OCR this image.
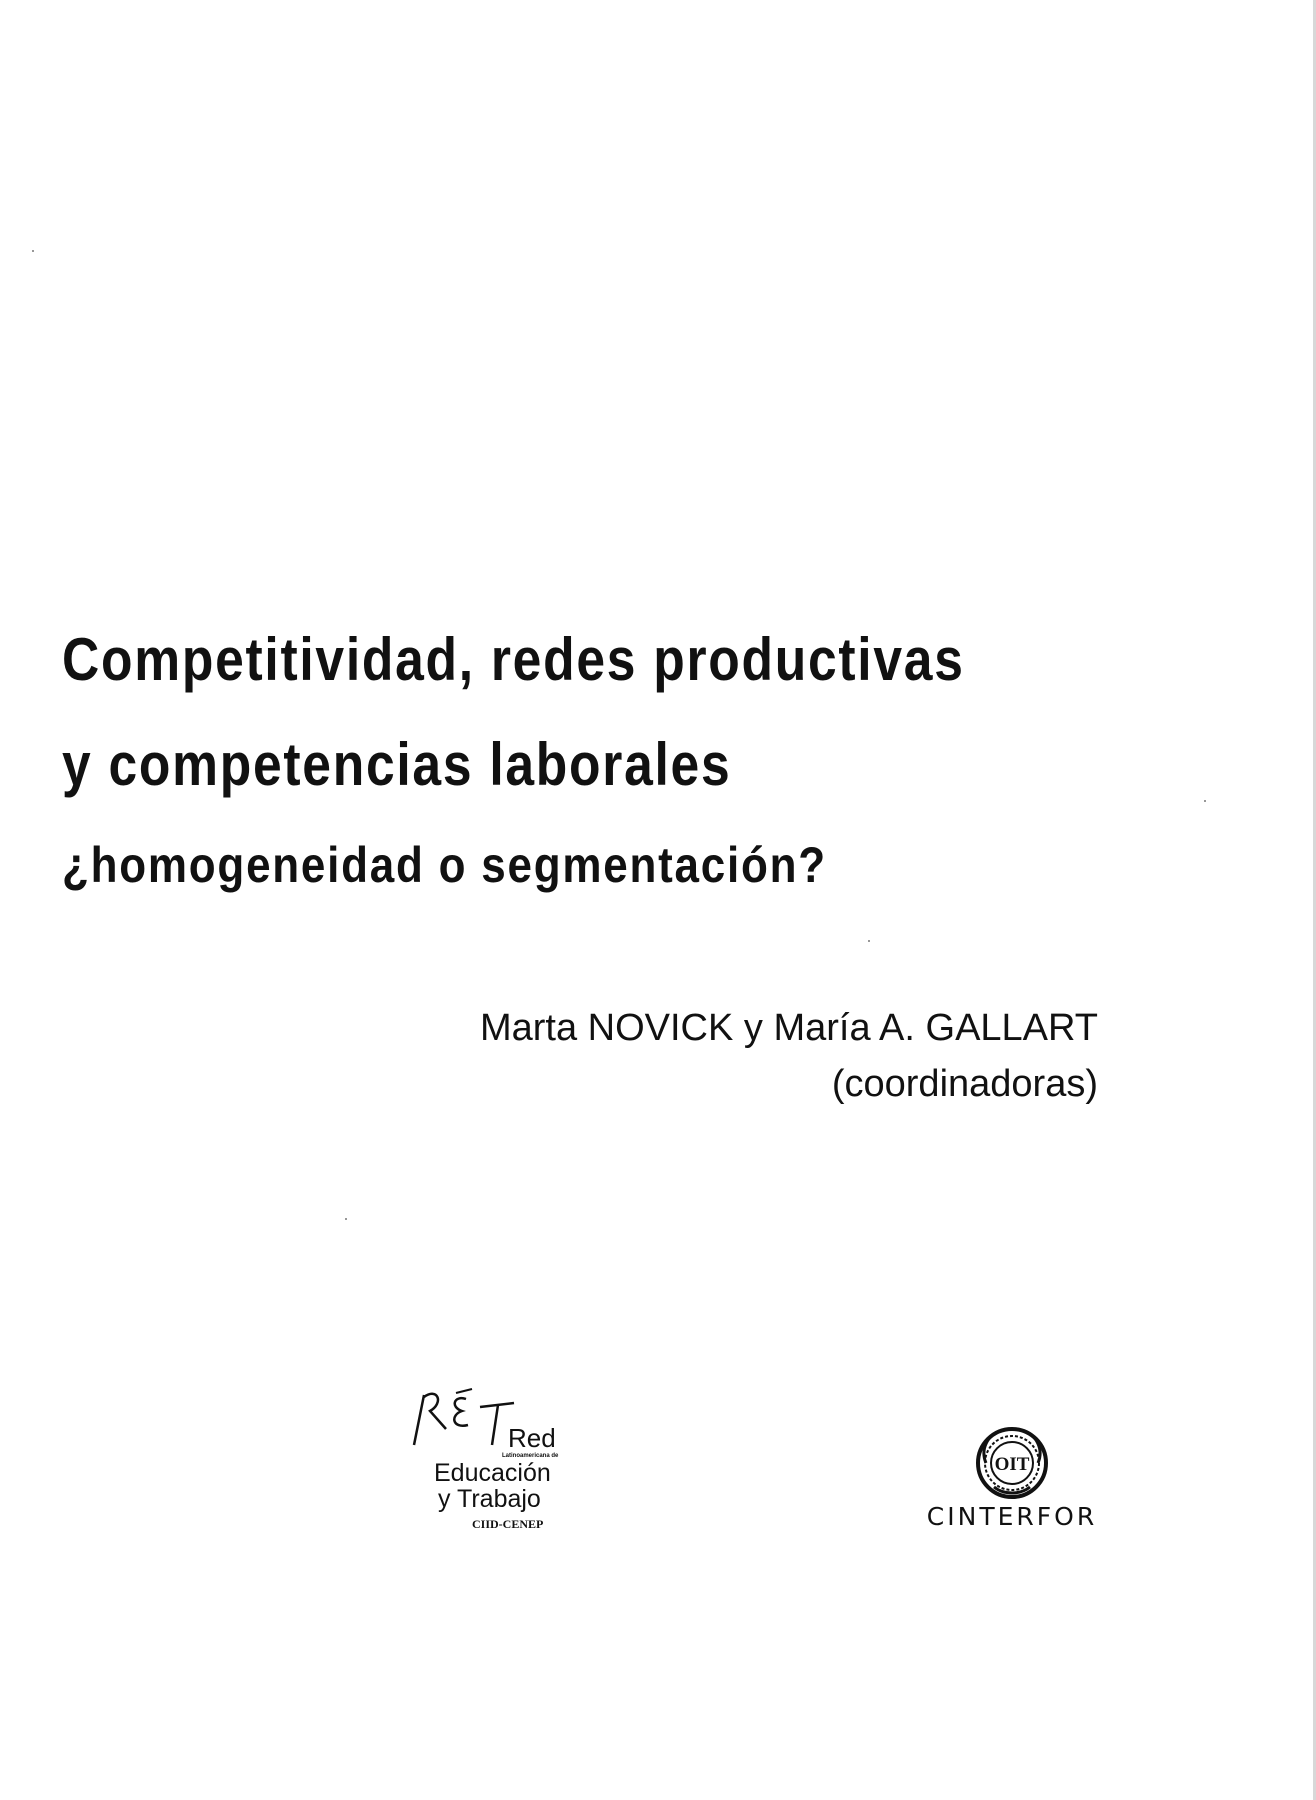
Competitividad, redes productivas
y competencias laborales
¿homogeneidad o segmentación?
Marta NOVICK y María A. GALLART
(coordinadoras)
Red
Latinoamericana de
Educación
y Trabajo
CIID-CENEP
OIT
CINTERFOR
